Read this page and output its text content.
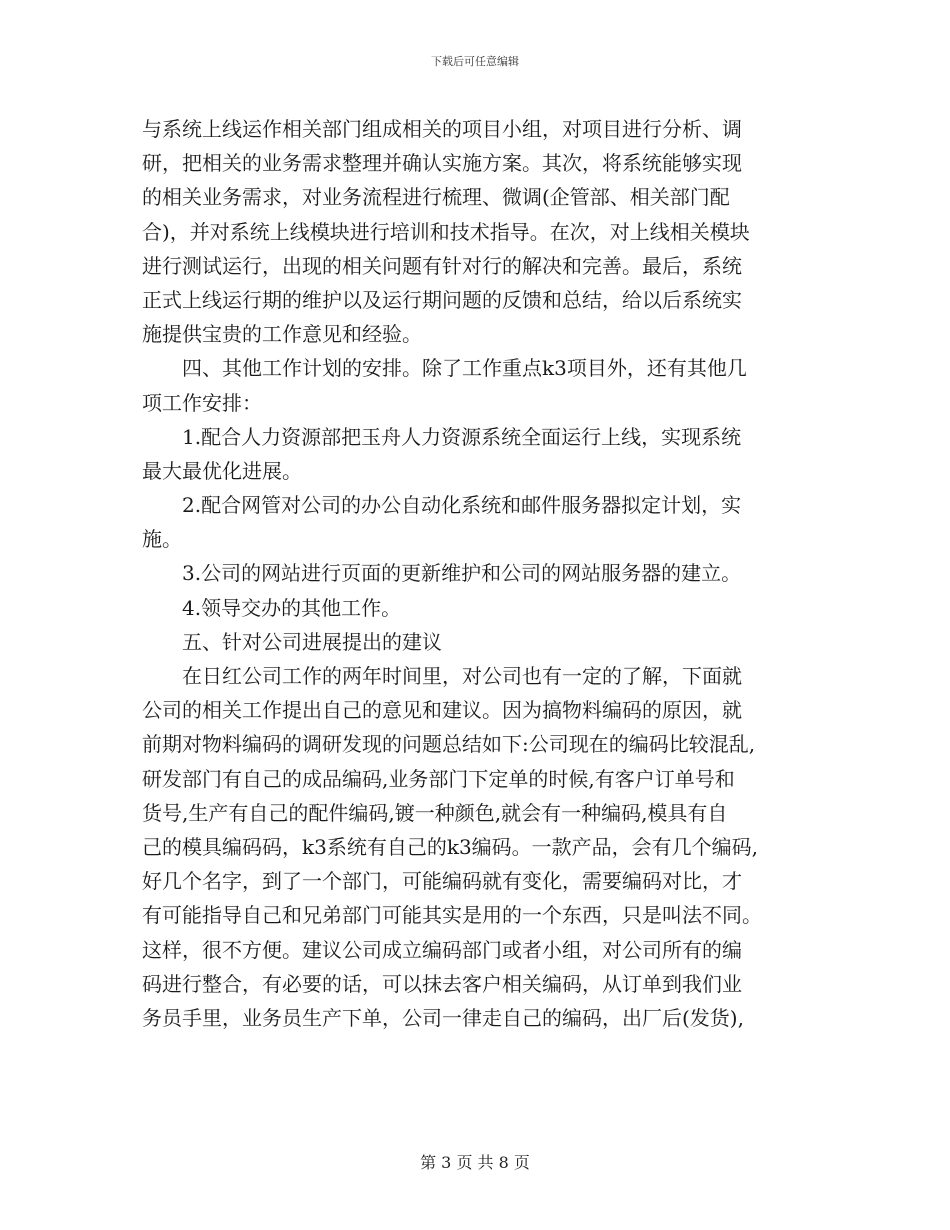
下载后可任意编辑
与系统上线运作相关部门组成相关的项目小组，对项目进行分析、调
研，把相关的业务需求整理并确认实施方案。其次，将系统能够实现
的相关业务需求，对业务流程进行梳理、微调(企管部、相关部门配
合)，并对系统上线模块进行培训和技术指导。在次，对上线相关模块
进行测试运行，出现的相关问题有针对行的解决和完善。最后，系统
正式上线运行期的维护以及运行期问题的反馈和总结，给以后系统实
施提供宝贵的工作意见和经验。
　　四、其他工作计划的安排。除了工作重点k3项目外，还有其他几
项工作安排：
　　1.配合人力资源部把玉舟人力资源系统全面运行上线，实现系统
最大最优化进展。
　　2.配合网管对公司的办公自动化系统和邮件服务器拟定计划，实
施。
　　3.公司的网站进行页面的更新维护和公司的网站服务器的建立。
　　4.领导交办的其他工作。
　　五、针对公司进展提出的建议
　　在日红公司工作的两年时间里，对公司也有一定的了解，下面就
公司的相关工作提出自己的意见和建议。因为搞物料编码的原因，就
前期对物料编码的调研发现的问题总结如下:公司现在的编码比较混乱,
研发部门有自己的成品编码,业务部门下定单的时候,有客户订单号和
货号,生产有自己的配件编码,镀一种颜色,就会有一种编码,模具有自
己的模具编码码，k3系统有自己的k3编码。一款产品，会有几个编码,
好几个名字，到了一个部门，可能编码就有变化，需要编码对比，才
有可能指导自己和兄弟部门可能其实是用的一个东西，只是叫法不同。
这样，很不方便。建议公司成立编码部门或者小组，对公司所有的编
码进行整合，有必要的话，可以抹去客户相关编码，从订单到我们业
务员手里，业务员生产下单，公司一律走自己的编码，出厂后(发货),
第 3 页 共 8 页
